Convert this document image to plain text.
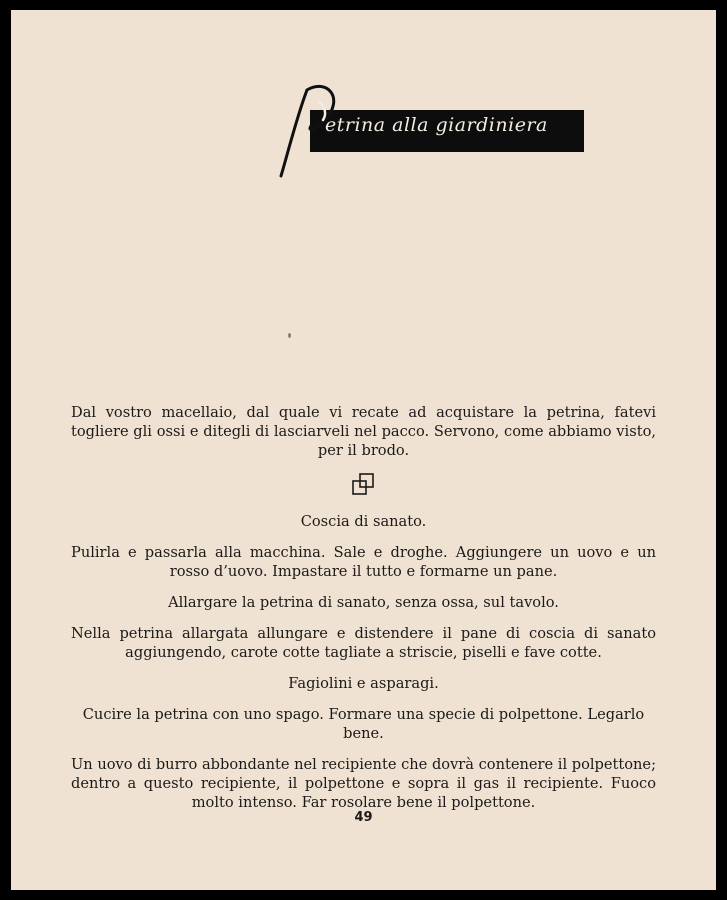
etrina alla giardiniera

Dal vostro macellaio, dal quale vi recate ad acquistare la petrina, fatevi togliere gli ossi e ditegli di lasciarveli nel pacco. Servono, come abbiamo visto, per il brodo.

Coscia di sanato.

Pulirla e passarla alla macchina. Sale e droghe. Aggiungere un uovo e un rosso d’uovo. Impastare il tutto e formarne un pane.

Allargare la petrina di sanato, senza ossa, sul tavolo.

Nella petrina allargata allungare e distendere il pane di coscia di sanato aggiungendo, carote cotte tagliate a striscie, piselli e fave cotte.

Fagiolini e asparagi.

Cucire la petrina con uno spago. Formare una specie di polpettone. Legarlo bene.

Un uovo di burro abbondante nel recipiente che dovrà contenere il polpettone; dentro a questo recipiente, il polpettone e sopra il gas il recipiente. Fuoco molto intenso. Far rosolare bene il polpettone.

49
